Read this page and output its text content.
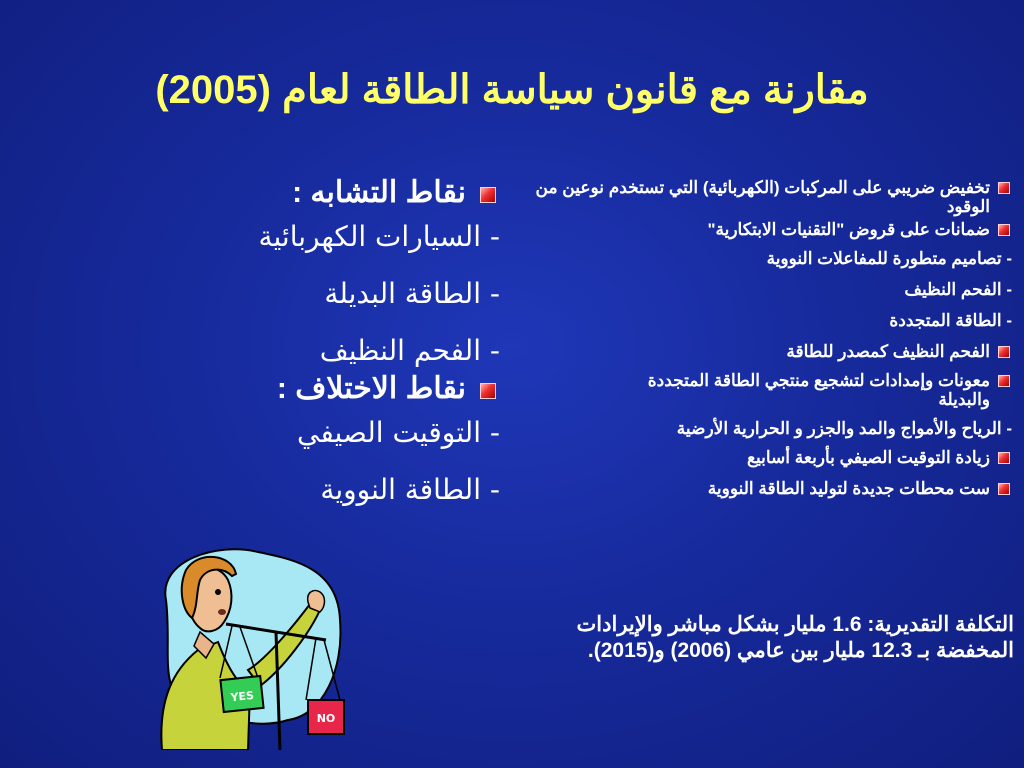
مقارنة مع قانون سياسة الطاقة لعام (2005)
تخفيض ضريبي على المركبات (الكهربائية) التي تستخدم نوعين من الوقود
ضمانات على قروض "التقنيات الابتكارية"
- تصاميم متطورة للمفاعلات النووية
- الفحم النظيف
- الطاقة المتجددة
الفحم النظيف كمصدر للطاقة
معونات وإمدادات لتشجيع منتجي الطاقة المتجددة والبديلة
- الرياح والأمواج والمد والجزر و الحرارية الأرضية
زيادة التوقيت الصيفي بأربعة أسابيع
ست محطات جديدة لتوليد الطاقة النووية
التكلفة التقديرية: 1.6 مليار بشكل مباشر والإيرادات المخفضة بـ 12.3 مليار بين عامي (2006) و(2015).
نقاط التشابه :
- السيارات الكهربائية
- الطاقة البديلة
- الفحم النظيف
نقاط الاختلاف :
- التوقيت الصيفي
- الطاقة النووية
YES
NO
